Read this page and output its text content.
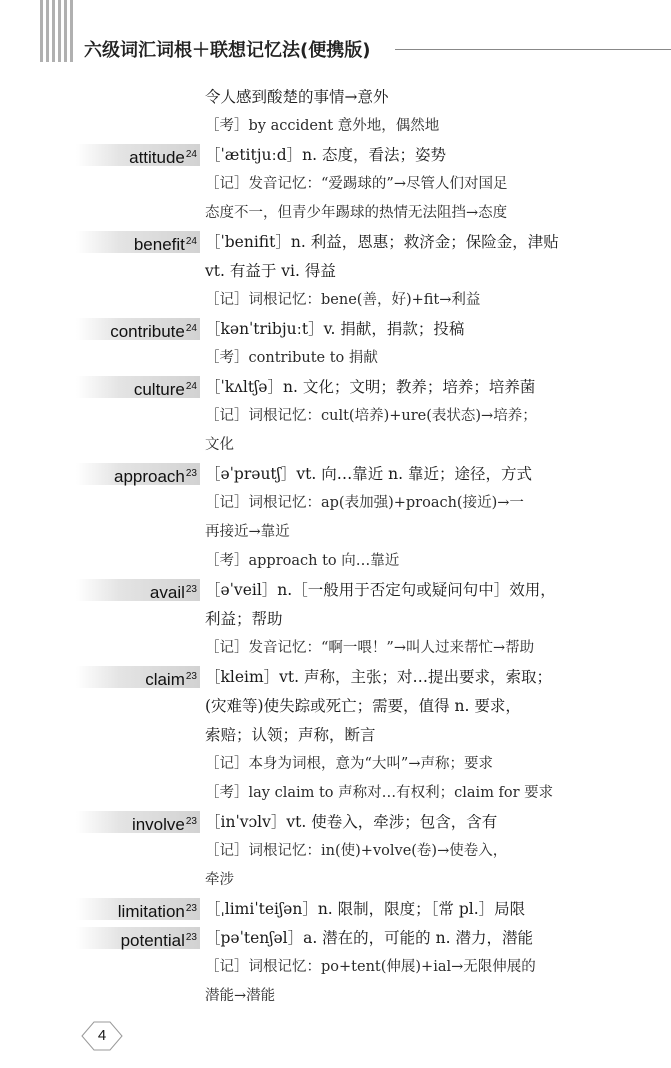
六级词汇词根＋联想记忆法(便携版)
attitude$^{24}$
benefit$^{24}$
contribute$^{24}$
culture$^{24}$
approach$^{23}$
avail$^{23}$
claim$^{23}$
involve$^{23}$
limitation$^{23}$
potential$^{23}$
令人感到酸楚的事情→意外
［考］by accident 意外地，偶然地
［ˈætitjuːd］n. 态度，看法；姿势
［记］发音记忆：“爱踢球的”→尽管人们对国足
态度不一，但青少年踢球的热情无法阻挡→态度
［ˈbenifit］n. 利益，恩惠；救济金；保险金，津贴
vt. 有益于 vi. 得益
［记］词根记忆：bene(善，好)+fit→利益
［kənˈtribjuːt］v. 捐献，捐款；投稿
［考］contribute to 捐献
［ˈkʌltʃə］n. 文化；文明；教养；培养；培养菌
［记］词根记忆：cult(培养)+ure(表状态)→培养；
文化
［əˈprəutʃ］vt. 向…靠近 n. 靠近；途径，方式
［记］词根记忆：ap(表加强)+proach(接近)→一
再接近→靠近
［考］approach to 向…靠近
［əˈveil］n.［一般用于否定句或疑问句中］效用，
利益；帮助
［记］发音记忆：“啊一喂！”→叫人过来帮忙→帮助
［kleim］vt. 声称，主张；对…提出要求，索取；
(灾难等)使失踪或死亡；需要，值得 n. 要求，
索赔；认领；声称，断言
［记］本身为词根，意为“大叫”→声称；要求
［考］lay claim to 声称对…有权利；claim for 要求
［inˈvɔlv］vt. 使卷入，牵涉；包含，含有
［记］词根记忆：in(使)+volve(卷)→使卷入，
牵涉
［ˌlimiˈteiʃən］n. 限制，限度；［常 pl.］局限
［pəˈtenʃəl］a. 潜在的，可能的 n. 潜力，潜能
［记］词根记忆：po+tent(伸展)+ial→无限伸展的
潜能→潜能
4
